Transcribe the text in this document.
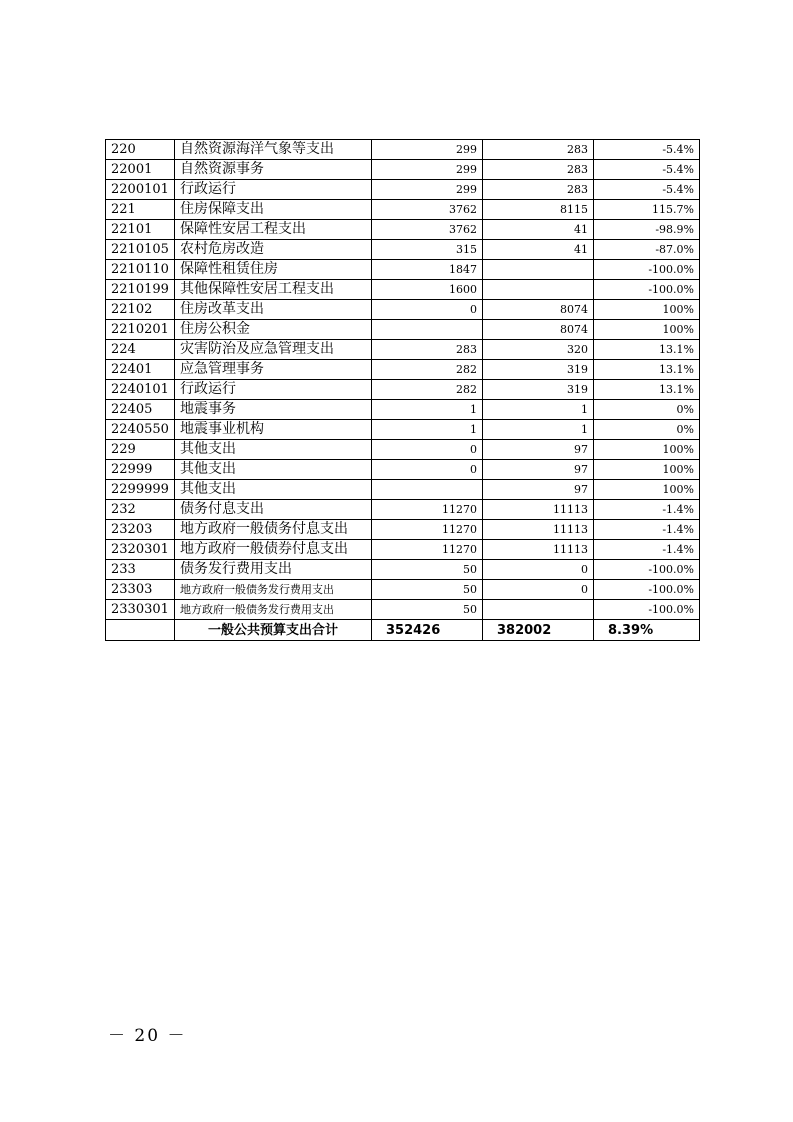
220	自然资源海洋气象等支出	299	283	-5.4%
22001	自然资源事务	299	283	-5.4%
2200101	行政运行	299	283	-5.4%
221	住房保障支出	3762	8115	115.7%
22101	保障性安居工程支出	3762	41	-98.9%
2210105	农村危房改造	315	41	-87.0%
2210110	保障性租赁住房	1847		-100.0%
2210199	其他保障性安居工程支出	1600		-100.0%
22102	住房改革支出	0	8074	100%
2210201	住房公积金		8074	100%
224	灾害防治及应急管理支出	283	320	13.1%
22401	应急管理事务	282	319	13.1%
2240101	行政运行	282	319	13.1%
22405	地震事务	1	1	0%
2240550	地震事业机构	1	1	0%
229	其他支出	0	97	100%
22999	其他支出	0	97	100%
2299999	其他支出		97	100%
232	债务付息支出	11270	11113	-1.4%
23203	地方政府一般债务付息支出	11270	11113	-1.4%
2320301	地方政府一般债券付息支出	11270	11113	-1.4%
233	债务发行费用支出	50	0	-100.0%
23303	地方政府一般债务发行费用支出	50	0	-100.0%
2330301	地方政府一般债务发行费用支出	50		-100.0%
	一般公共预算支出合计	352426	382002	8.39%
－ 20 －
